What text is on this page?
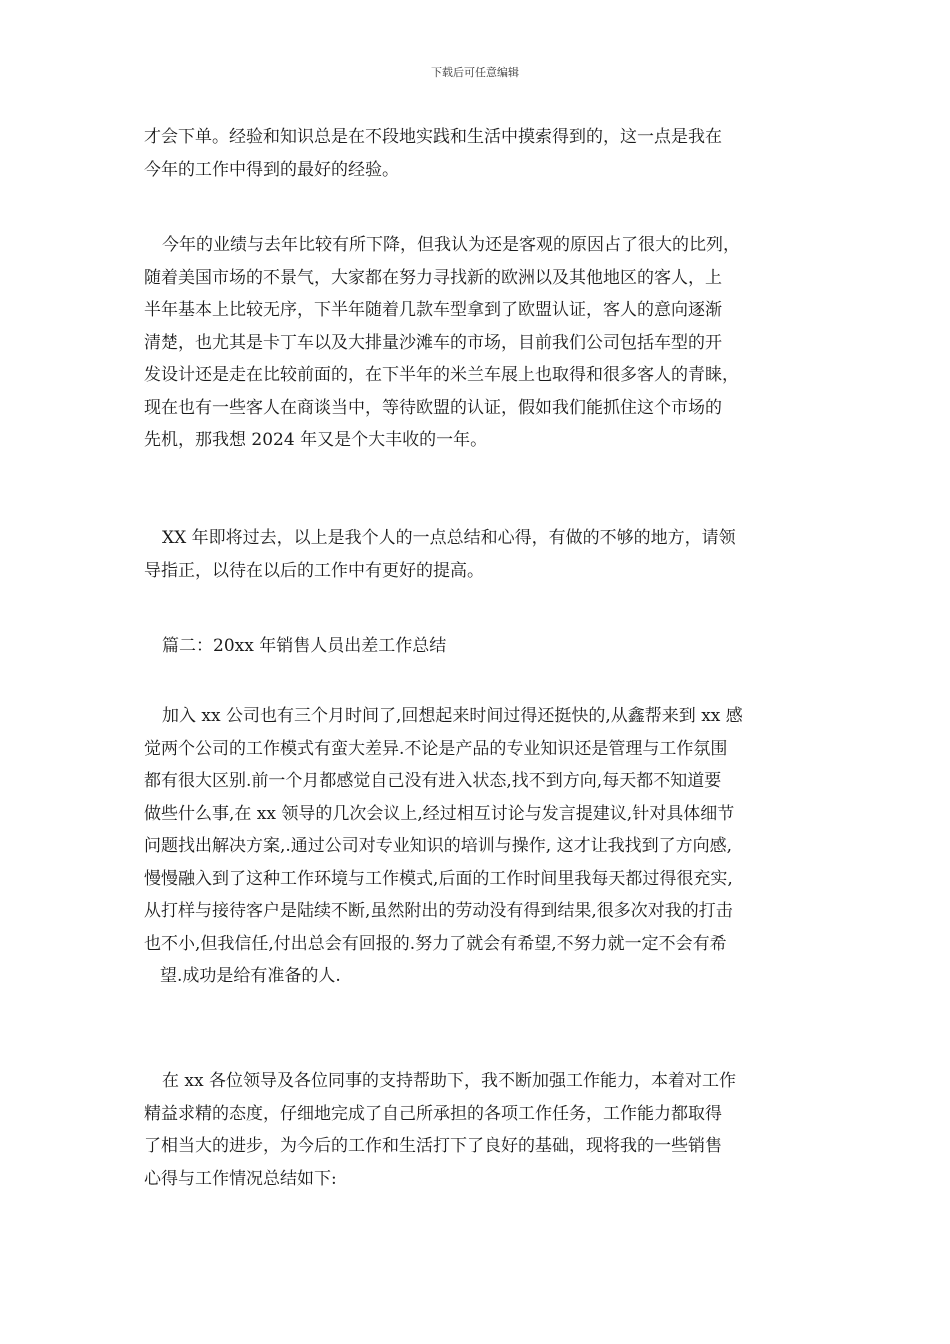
下载后可任意编辑
才会下单。经验和知识总是在不段地实践和生活中摸索得到的，这一点是我在
今年的工作中得到的最好的经验。
今年的业绩与去年比较有所下降，但我认为还是客观的原因占了很大的比列，
随着美国市场的不景气，大家都在努力寻找新的欧洲以及其他地区的客人，上
半年基本上比较无序，下半年随着几款车型拿到了欧盟认证，客人的意向逐渐
清楚，也尤其是卡丁车以及大排量沙滩车的市场，目前我们公司包括车型的开
发设计还是走在比较前面的，在下半年的米兰车展上也取得和很多客人的青睐，
现在也有一些客人在商谈当中，等待欧盟的认证，假如我们能抓住这个市场的
先机，那我想 2024 年又是个大丰收的一年。
XX 年即将过去，以上是我个人的一点总结和心得，有做的不够的地方，请领
导指正，以待在以后的工作中有更好的提高。
篇二：20xx 年销售人员出差工作总结
加入 xx 公司也有三个月时间了,回想起来时间过得还挺快的,从鑫帮来到 xx 感
觉两个公司的工作模式有蛮大差异.不论是产品的专业知识还是管理与工作氛围
都有很大区别.前一个月都感觉自己没有进入状态,找不到方向,每天都不知道要
做些什么事,在 xx 领导的几次会议上,经过相互讨论与发言提建议,针对具体细节
问题找出解决方案,.通过公司对专业知识的培训与操作, 这才让我找到了方向感,
慢慢融入到了这种工作环境与工作模式,后面的工作时间里我每天都过得很充实,
从打样与接待客户是陆续不断,虽然附出的劳动没有得到结果,很多次对我的打击
也不小,但我信任,付出总会有回报的.努力了就会有希望,不努力就一定不会有希
望.成功是给有准备的人.
在 xx 各位领导及各位同事的支持帮助下，我不断加强工作能力，本着对工作
精益求精的态度，仔细地完成了自己所承担的各项工作任务，工作能力都取得
了相当大的进步，为今后的工作和生活打下了良好的基础，现将我的一些销售
心得与工作情况总结如下:
